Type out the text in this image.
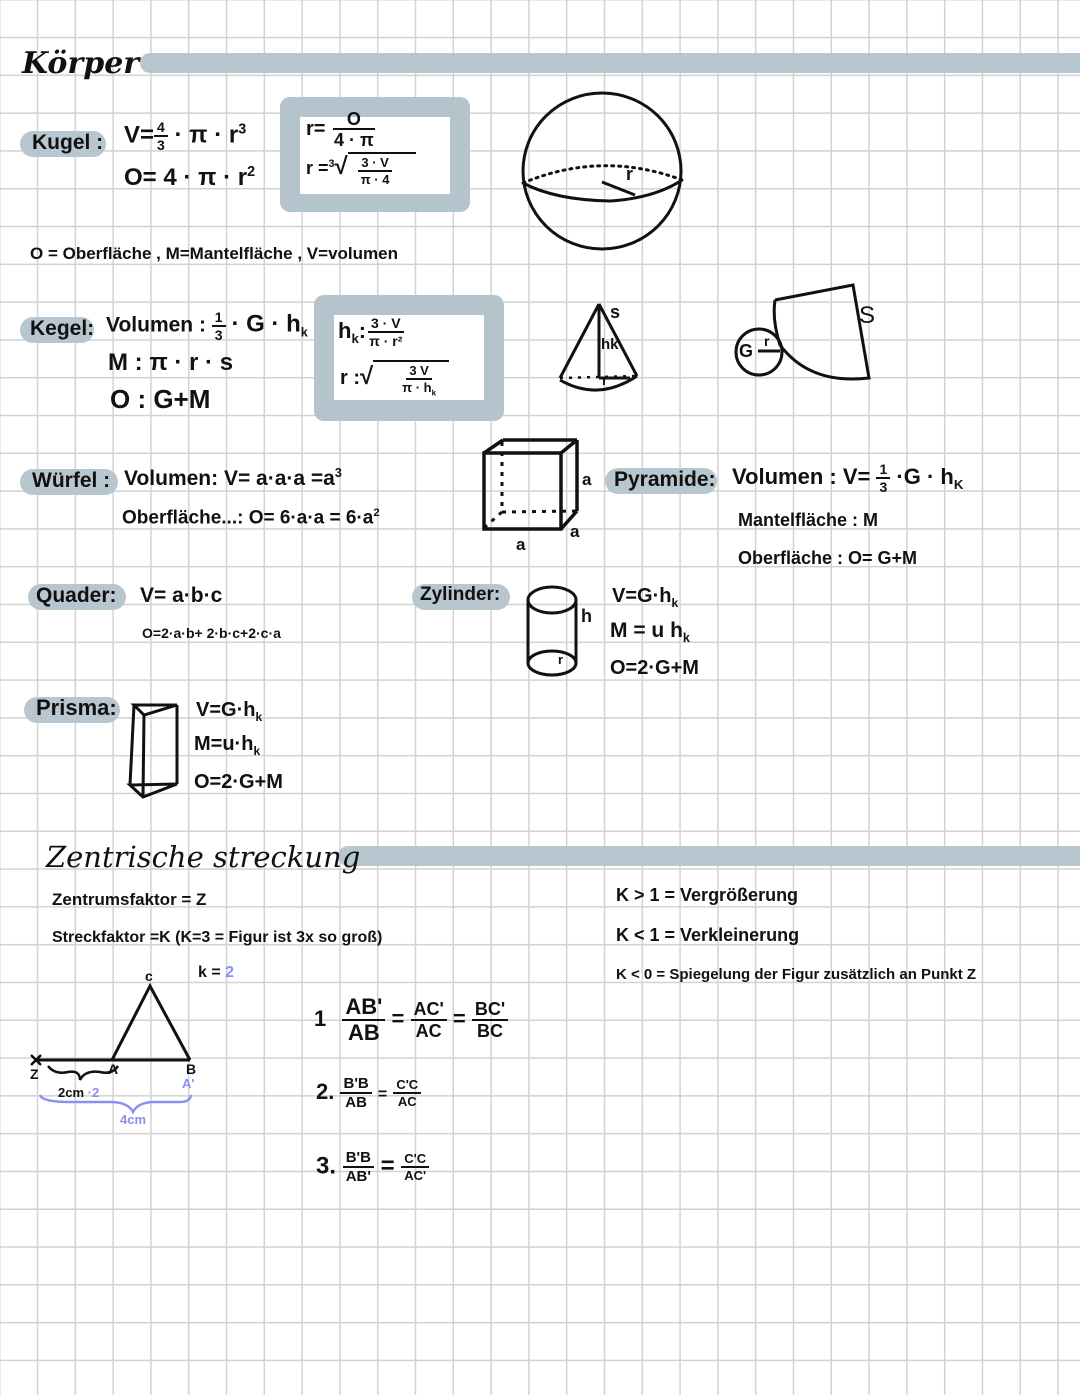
Körper
Zentrische streckung
Kugel : $V= \frac{4}{3} \cdot \pi \cdot r^3$
$O= 4 \cdot \pi \cdot r^2$
$r= \frac{O}{4 \cdot \pi}$
$r =^3√ \frac{3 \cdot V}{\pi \cdot 4}$	r
O = Oberfläche , M=Mantelfläche , V=volumen
Kegel: Volumen : $\frac{1}{3} \cdot G \cdot h_k$
M : π · r · s
O : G+M
$h_k$: $\frac{3 \cdot V}{\text{π · r²}}$
r :√ $\frac{3 V}{\pi \cdot h_k}$
s
hk
r
G r
S
Würfel : Volumen: $V= a\cdot a\cdot a =a^3$
Oberfläche...: $O= 6\cdot a\cdot a = 6\cdot a^2$
a
a
a
Pyramide: Volumen : $V= \frac{1}{3} \cdot G \cdot h_K$
Mantelfläche : M
Oberfläche : O= G+M
Quader: V= a·b·c
O=2·a·b+ 2·b·c+2·c·a
Zylinder:
h
r
$V=G\cdot h_k$
M = u $h_k$
O=2·G+M
Prisma:	$V=G\cdot h_k$
$M=u\cdot h_k$
O=2·G+M
Zentrumsfaktor = Z
Streckfaktor =K (K=3 = Figur ist 3x so groß)
k = 2
K > 1 = Vergrößerung
K < 1 = Verkleinerung
K < 0 = Spiegelung der Figur zusätzlich an Punkt Z
c
A	B
A'
Z
2cm ·2
4cm
$1 \frac{AB'}{AB} = \frac{AC'}{AC} = \frac{BC'}{BC}$
2. $\frac{B'B}{AB} = \frac{C'C}{AC}$
3. $\frac{B'B}{AB'} = \frac{C'C}{AC'}$
